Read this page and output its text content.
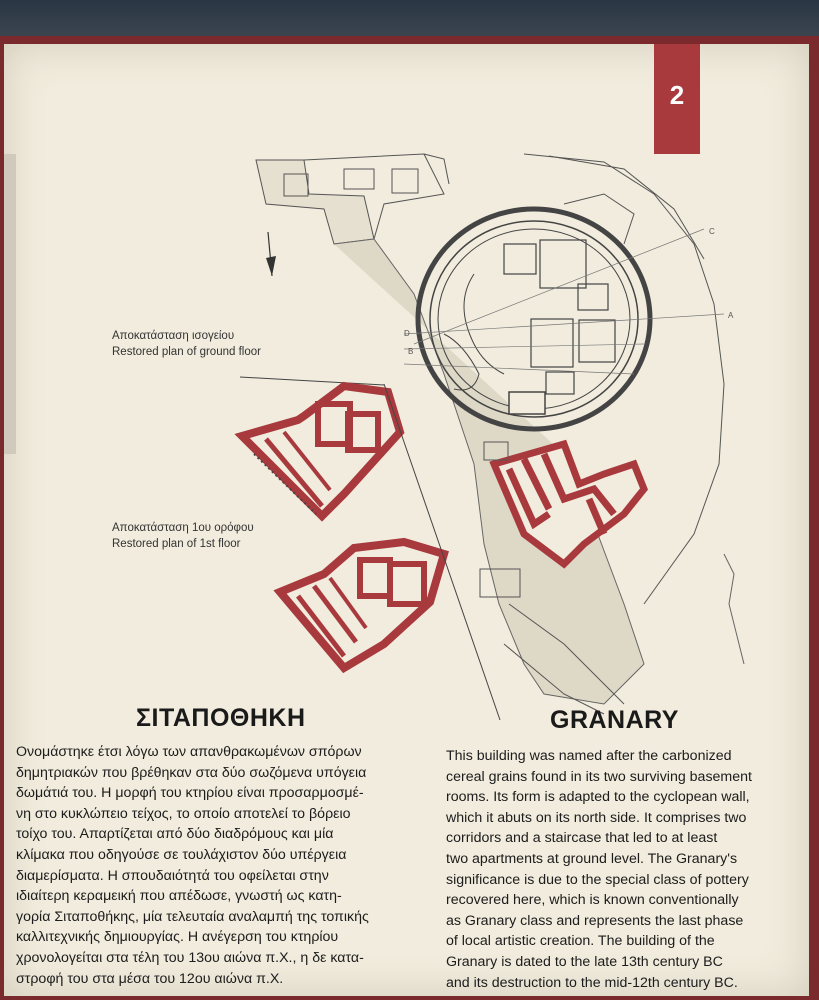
2
C
D
B
A
Αποκατάσταση ισογείου
Restored plan of ground floor
Αποκατάσταση 1ου ορόφου
Restored plan of 1st floor
ΣΙΤΑΠΟΘΗΚΗ	GRANARY
Ονομάστηκε έτσι λόγω των απανθρακωμένων σπόρων
δημητριακών που βρέθηκαν στα δύο σωζόμενα υπόγεια
δωμάτιά του. Η μορφή του κτηρίου είναι προσαρμοσμέ-
νη στο κυκλώπειο τείχος, το οποίο αποτελεί το βόρειο
τοίχο του. Απαρτίζεται από δύο διαδρόμους και μία
κλίμακα που οδηγούσε σε τουλάχιστον δύο υπέργεια
διαμερίσματα. Η σπουδαιότητά του οφείλεται στην
ιδιαίτερη κεραμεική που απέδωσε, γνωστή ως κατη-
γορία Σιταποθήκης, μία τελευταία αναλαμπή της τοπικής
καλλιτεχνικής δημιουργίας. Η ανέγερση του κτηρίου
χρονολογείται στα τέλη του 13ου αιώνα π.Χ., η δε κατα-
στροφή του στα μέσα του 12ου αιώνα π.Χ.
This building was named after the carbonized
cereal grains found in its two surviving basement
rooms. Its form is adapted to the cyclopean wall,
which it abuts on its north side. It comprises two
corridors and a staircase that led to at least
two apartments at ground level. The Granary's
significance is due to the special class of pottery
recovered here, which is known conventionally
as Granary class and represents the last phase
of local artistic creation. The building of the
Granary is dated to the late 13th century BC
and its destruction to the mid-12th century BC.
